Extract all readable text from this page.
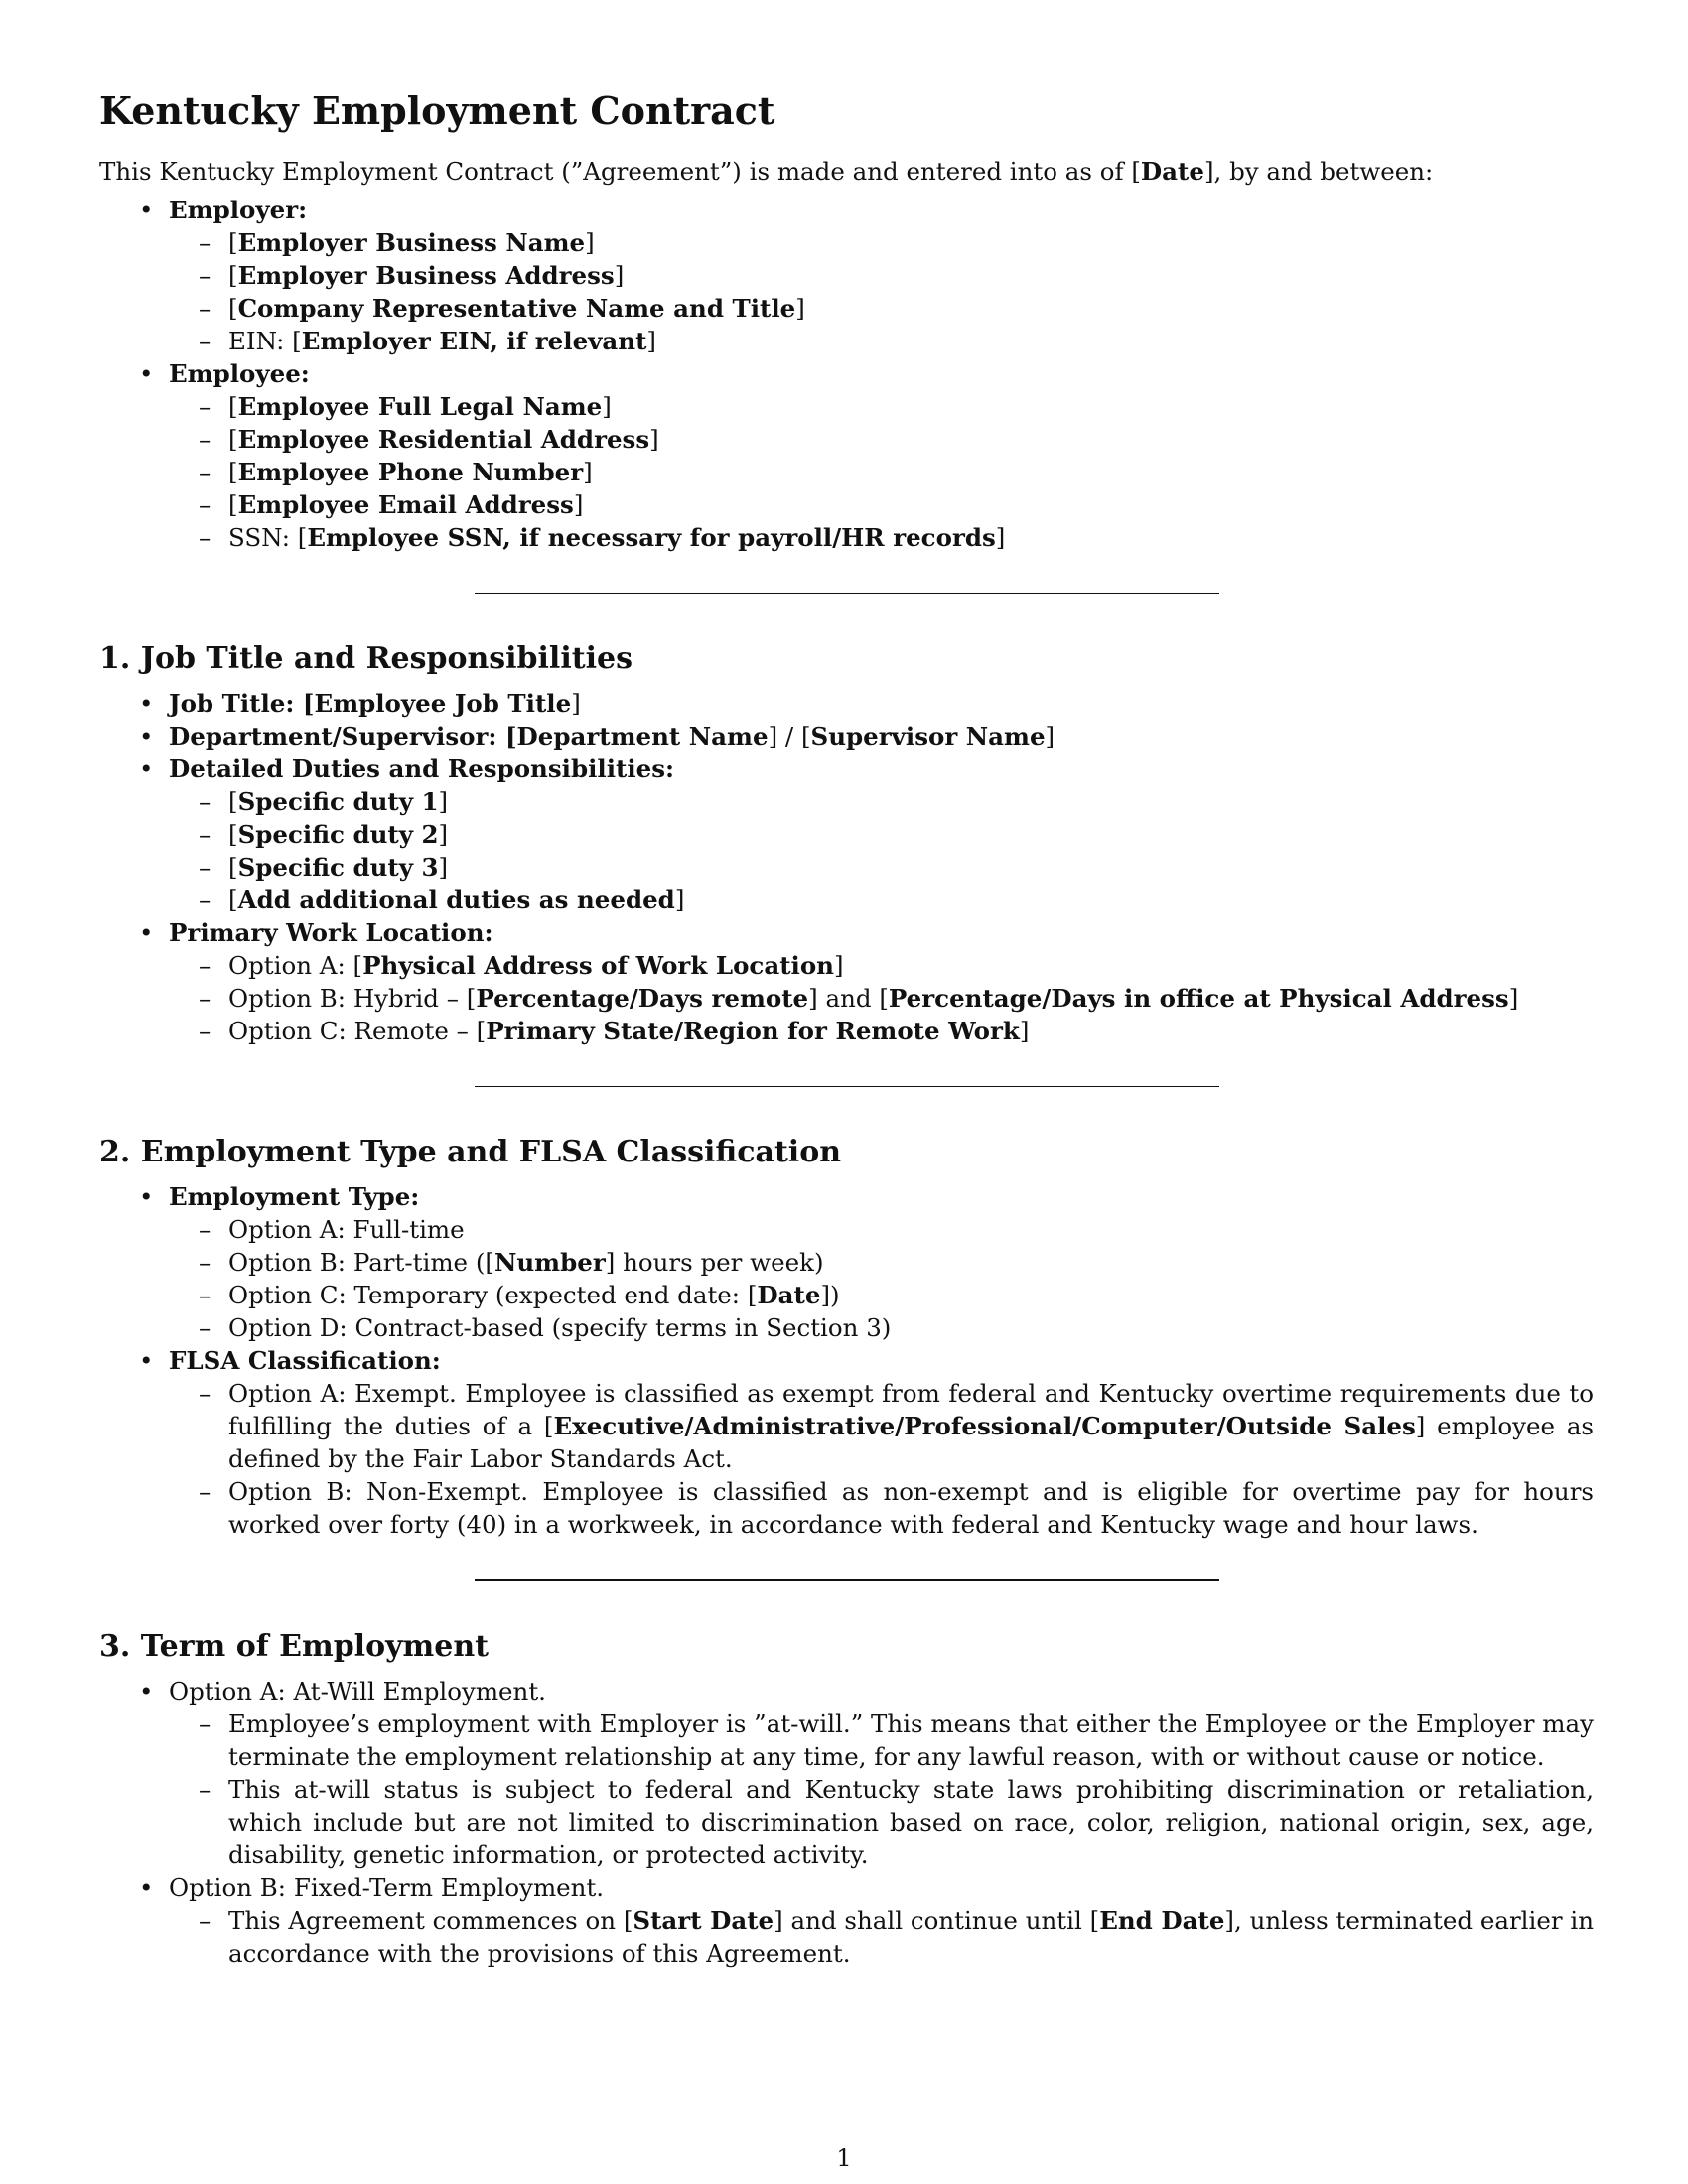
Kentucky Employment Contract

This Kentucky Employment Contract (”Agreement”) is made and entered into as of [Date], by and between:

• Employer:
– [Employer Business Name]
– [Employer Business Address]
– [Company Representative Name and Title]
– EIN: [Employer EIN, if relevant]
• Employee:
– [Employee Full Legal Name]
– [Employee Residential Address]
– [Employee Phone Number]
– [Employee Email Address]
– SSN: [Employee SSN, if necessary for payroll/HR records]
1. Job Title and Responsibilities
• Job Title: [Employee Job Title]
• Department/Supervisor: [Department Name] / [Supervisor Name]
• Detailed Duties and Responsibilities:
– [Specific duty 1]
– [Specific duty 2]
– [Specific duty 3]
– [Add additional duties as needed]
• Primary Work Location:
– Option A: [Physical Address of Work Location]
– Option B: Hybrid – [Percentage/Days remote] and [Percentage/Days in office at Physical Address]
– Option C: Remote – [Primary State/Region for Remote Work]
2. Employment Type and FLSA Classification
• Employment Type:
– Option A: Full-time
– Option B: Part-time ([Number] hours per week)
– Option C: Temporary (expected end date: [Date])
– Option D: Contract-based (specify terms in Section 3)
• FLSA Classification:
– Option A: Exempt. Employee is classified as exempt from federal and Kentucky overtime requirements due to fulfilling the duties of a [Executive/Administrative/Professional/Computer/Outside Sales] employee as defined by the Fair Labor Standards Act.
– Option B: Non-Exempt. Employee is classified as non-exempt and is eligible for overtime pay for hours worked over forty (40) in a workweek, in accordance with federal and Kentucky wage and hour laws.
3. Term of Employment
• Option A: At-Will Employment.
– Employee’s employment with Employer is ”at-will.” This means that either the Employee or the Employer may terminate the employment relationship at any time, for any lawful reason, with or without cause or notice.
– This at-will status is subject to federal and Kentucky state laws prohibiting discrimination or retaliation, which include but are not limited to discrimination based on race, color, religion, national origin, sex, age, disability, genetic information, or protected activity.
• Option B: Fixed-Term Employment.
– This Agreement commences on [Start Date] and shall continue until [End Date], unless terminated earlier in accordance with the provisions of this Agreement.
1
